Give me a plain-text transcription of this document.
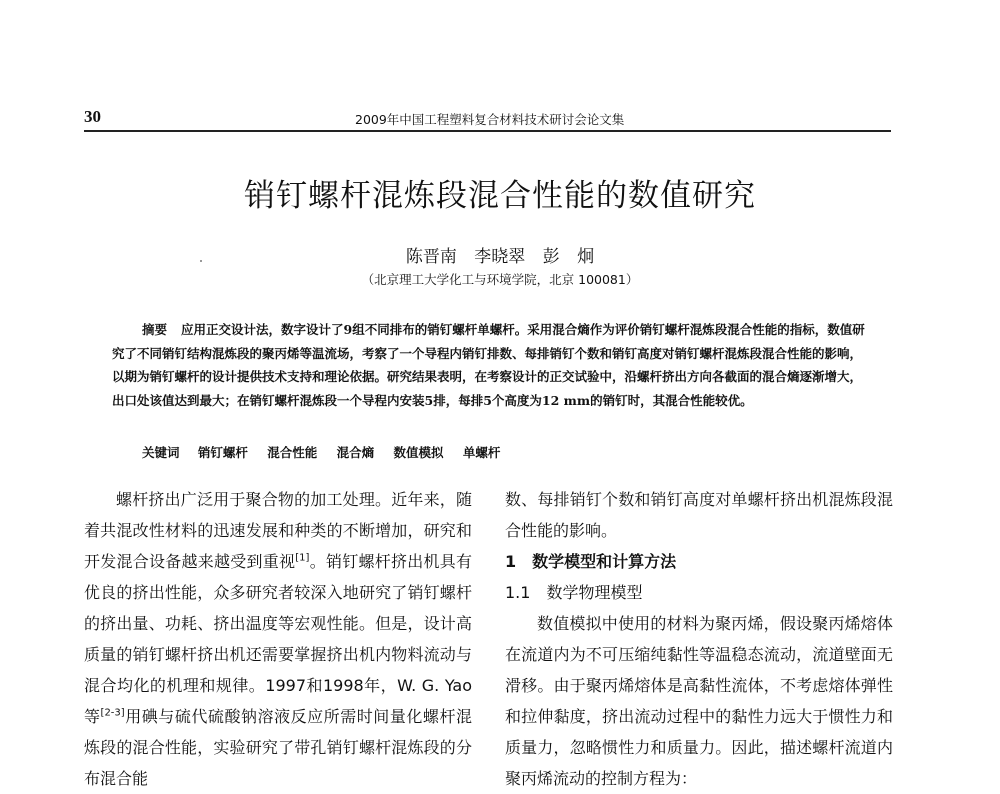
30	2009年中国工程塑料复合材料技术研讨会论文集
销钉螺杆混炼段混合性能的数值研究
陈晋南 李晓翠 彭 炯
（北京理工大学化工与环境学院，北京 100081）
摘要 应用正交设计法，数字设计了9组不同排布的销钉螺杆单螺杆。采用混合熵作为评价销钉螺杆混炼段混合性能的指标，数值研究了不同销钉结构混炼段的聚丙烯等温流场，考察了一个导程内销钉排数、每排销钉个数和销钉高度对销钉螺杆混炼段混合性能的影响，以期为销钉螺杆的设计提供技术支持和理论依据。研究结果表明，在考察设计的正交试验中，沿螺杆挤出方向各截面的混合熵逐渐增大，出口处该值达到最大；在销钉螺杆混炼段一个导程内安装5排，每排5个高度为12 mm的销钉时，其混合性能较优。
关键词 销钉螺杆 混合性能 混合熵 数值模拟 单螺杆

螺杆挤出广泛用于聚合物的加工处理。近年来，随着共混改性材料的迅速发展和种类的不断增加，研究和开发混合设备越来越受到重视[1]。销钉螺杆挤出机具有优良的挤出性能，众多研究者较深入地研究了销钉螺杆的挤出量、功耗、挤出温度等宏观性能。但是，设计高质量的销钉螺杆挤出机还需要掌握挤出机内物料流动与混合均化的机理和规律。1997和1998年，W. G. Yao 等[2-3]用碘与硫代硫酸钠溶液反应所需时间量化螺杆混炼段的混合性能，实验研究了带孔销钉螺杆混炼段的分布混合能

数、每排销钉个数和销钉高度对单螺杆挤出机混炼段混合性能的影响。

1　数学模型和计算方法

1.1　数学物理模型

数值模拟中使用的材料为聚丙烯，假设聚丙烯熔体在流道内为不可压缩纯黏性等温稳态流动，流道壁面无滑移。由于聚丙烯熔体是高黏性流体，不考虑熔体弹性和拉伸黏度，挤出流动过程中的黏性力远大于惯性力和质量力，忽略惯性力和质量力。因此，描述螺杆流道内聚丙烯流动的控制方程为：
